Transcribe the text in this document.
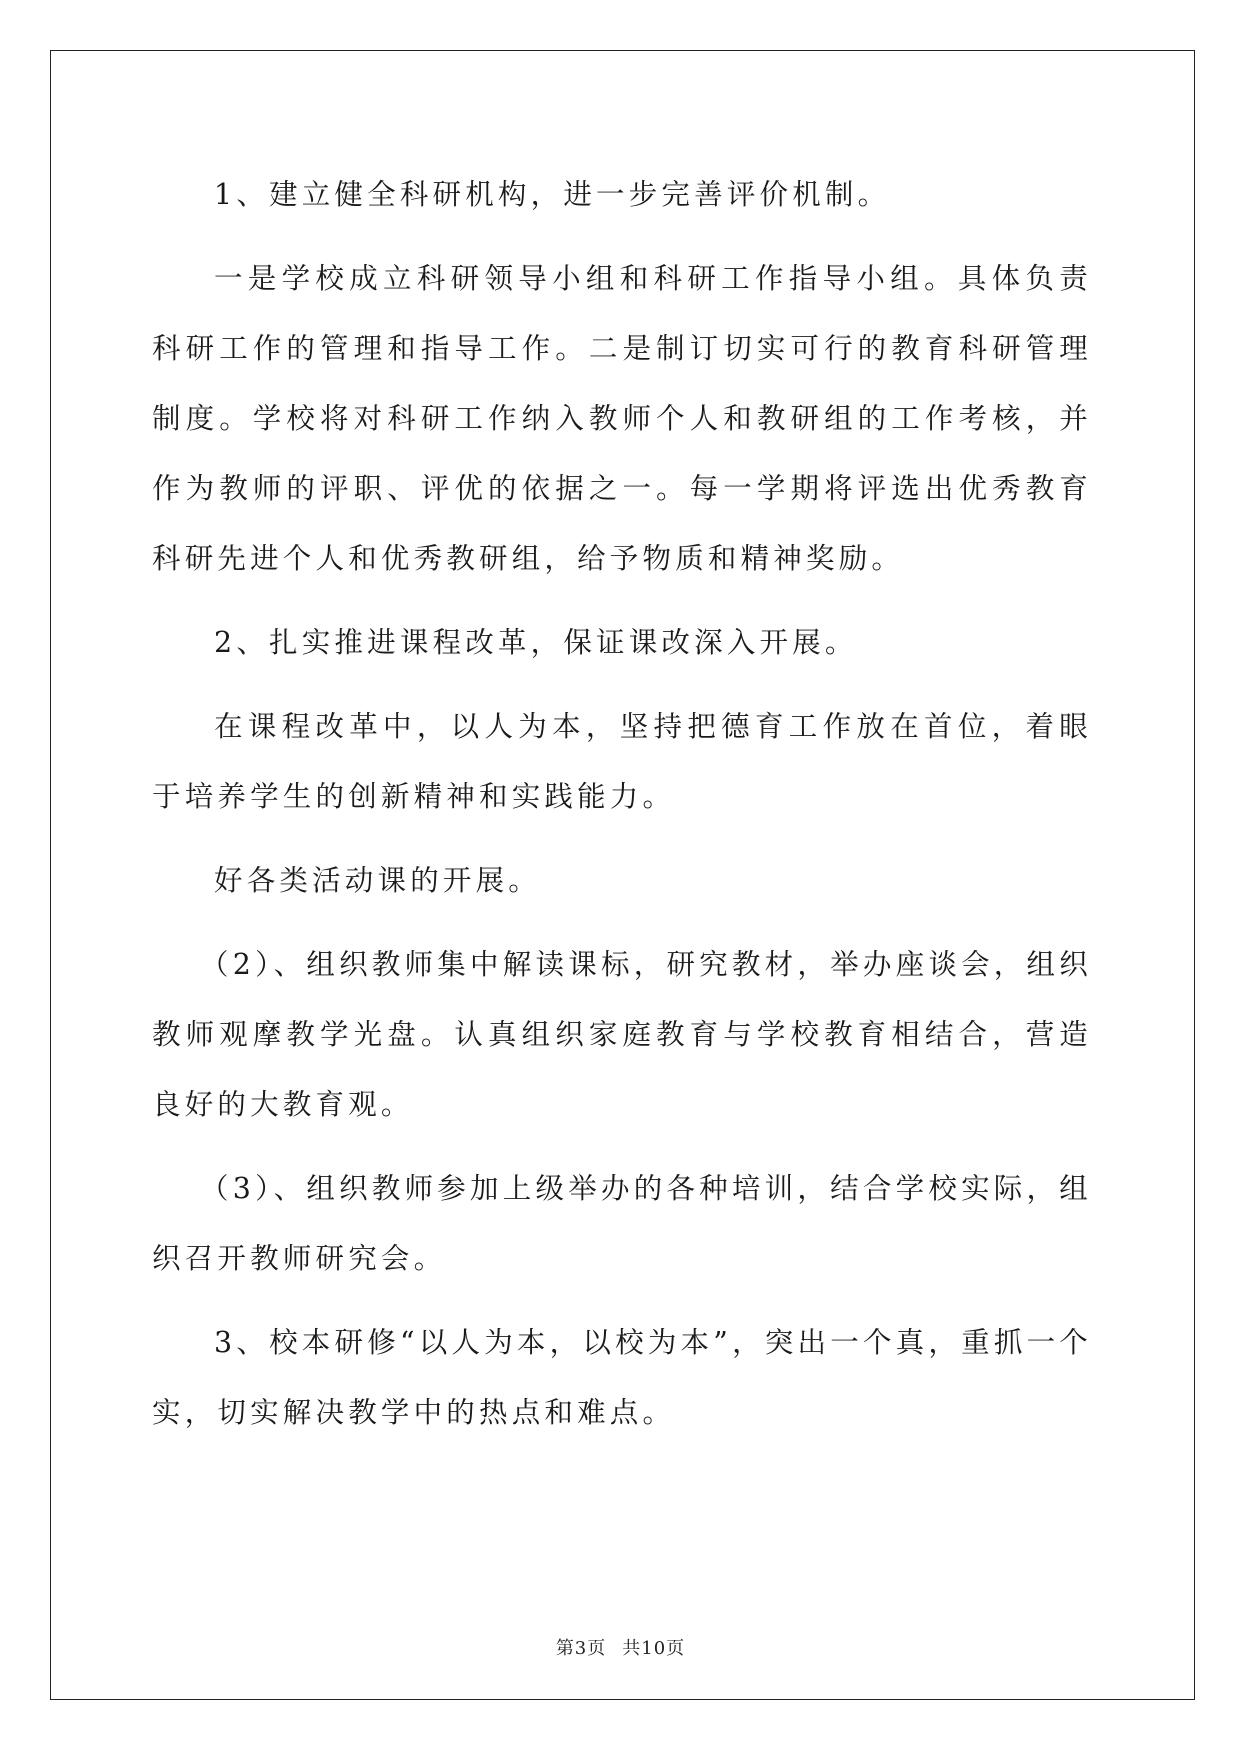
1、建立健全科研机构，进一步完善评价机制。

一是学校成立科研领导小组和科研工作指导小组。具体负责科研工作的管理和指导工作。二是制订切实可行的教育科研管理制度。学校将对科研工作纳入教师个人和教研组的工作考核，并作为教师的评职、评优的依据之一。每一学期将评选出优秀教育科研先进个人和优秀教研组，给予物质和精神奖励。

2、扎实推进课程改革，保证课改深入开展。

在课程改革中，以人为本，坚持把德育工作放在首位，着眼于培养学生的创新精神和实践能力。

好各类活动课的开展。

（2）、组织教师集中解读课标，研究教材，举办座谈会，组织教师观摩教学光盘。认真组织家庭教育与学校教育相结合，营造良好的大教育观。

（3）、组织教师参加上级举办的各种培训，结合学校实际，组织召开教师研究会。

3、校本研修“以人为本，以校为本”，突出一个真，重抓一个实，切实解决教学中的热点和难点。

第3页 共10页
